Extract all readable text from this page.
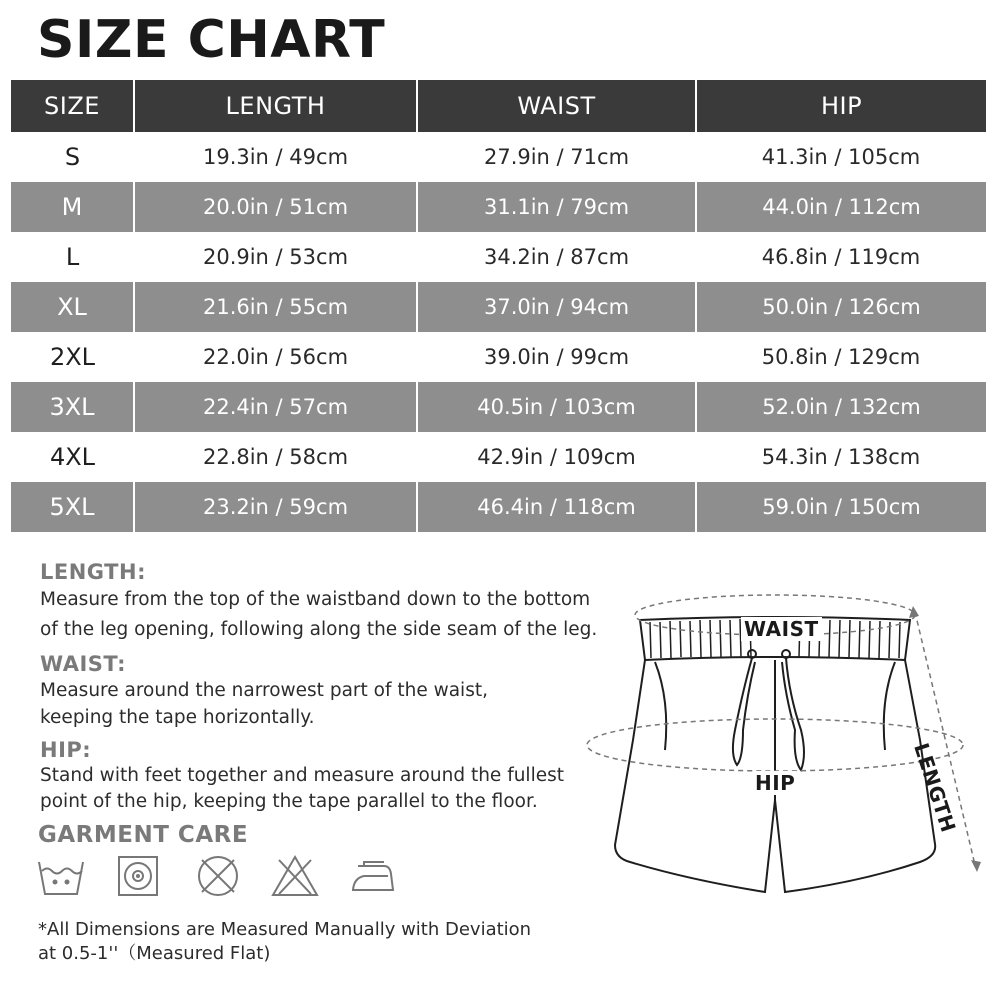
SIZE CHART
SIZE	LENGTH	WAIST	HIP
S	19.3in / 49cm	27.9in / 71cm	41.3in / 105cm
M	20.0in / 51cm	31.1in / 79cm	44.0in / 112cm
L	20.9in / 53cm	34.2in / 87cm	46.8in / 119cm
XL	21.6in / 55cm	37.0in / 94cm	50.0in / 126cm
2XL	22.0in / 56cm	39.0in / 99cm	50.8in / 129cm
3XL	22.4in / 57cm	40.5in / 103cm	52.0in / 132cm
4XL	22.8in / 58cm	42.9in / 109cm	54.3in / 138cm
5XL	23.2in / 59cm	46.4in / 118cm	59.0in / 150cm
LENGTH:
Measure from the top of the waistband down to the bottom
of the leg opening, following along the side seam of the leg.
WAIST:
Measure around the narrowest part of the waist,
keeping the tape horizontally.
HIP:
Stand with feet together and measure around the fullest
point of the hip, keeping the tape parallel to the floor.
GARMENT CARE
*All Dimensions are Measured Manually with Deviation
at 0.5-1''（Measured Flat)
WAIST
HIP	LENGTH
